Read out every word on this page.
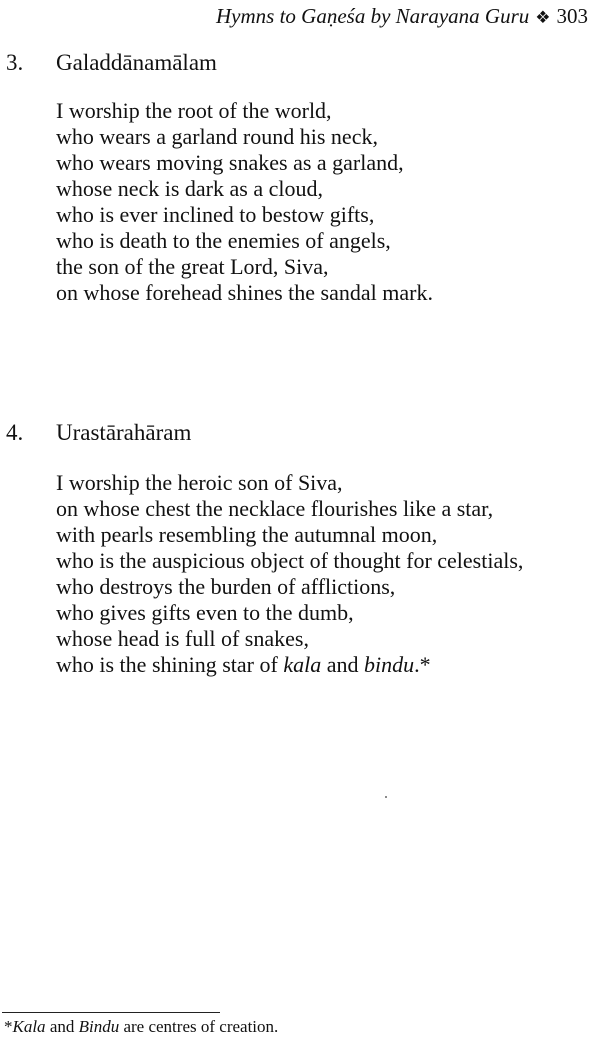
Hymns to Gaṇeśa by Narayana Guru ❖ 303
3. Galaddānamālam
I worship the root of the world,
who wears a garland round his neck,
who wears moving snakes as a garland,
whose neck is dark as a cloud,
who is ever inclined to bestow gifts,
who is death to the enemies of angels,
the son of the great Lord, Siva,
on whose forehead shines the sandal mark.
4. Urastārahāram
I worship the heroic son of Siva,
on whose chest the necklace flourishes like a star,
with pearls resembling the autumnal moon,
who is the auspicious object of thought for celestials,
who destroys the burden of afflictions,
who gives gifts even to the dumb,
whose head is full of snakes,
who is the shining star of kala and bindu.*
*Kala and Bindu are centres of creation.
